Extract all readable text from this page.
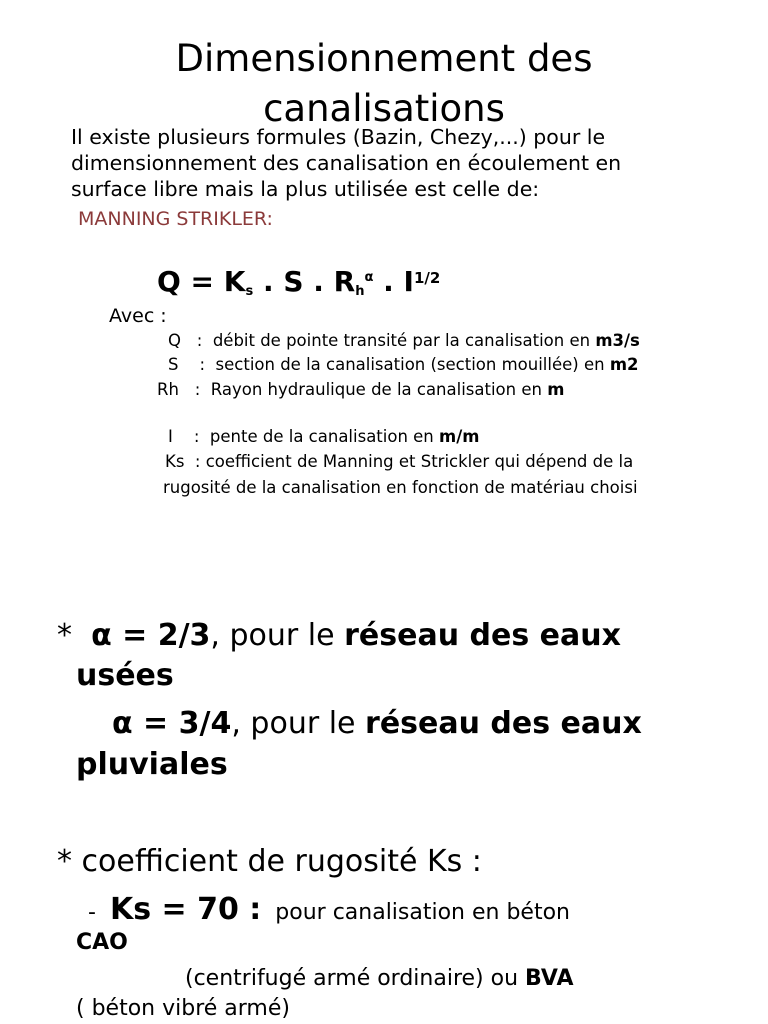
Dimensionnement des
canalisations
Il existe plusieurs formules (Bazin, Chezy,...) pour le
dimensionnement des canalisation en écoulement en
surface libre mais la plus utilisée est celle de:
MANNING STRIKLER:
$Q = K_s$ . S . $R_h^\alpha$ . $I^{1/2}$
Avec :
Q : débit de pointe transité par la canalisation en m3/s
S : section de la canalisation (section mouillée) en m2
Rh : Rayon hydraulique de la canalisation en m
I : pente de la canalisation en m/m
Ks : coefficient de Manning et Strickler qui dépend de la
rugosité de la canalisation en fonction de matériau choisi
* α = 2/3, pour le réseau des eaux
usées
α = 3/4, pour le réseau des eaux
pluviales
* coefficient de rugosité Ks :
- Ks = 70 : pour canalisation en béton
CAO
(centrifugé armé ordinaire) ou BVA
( béton vibré armé)
